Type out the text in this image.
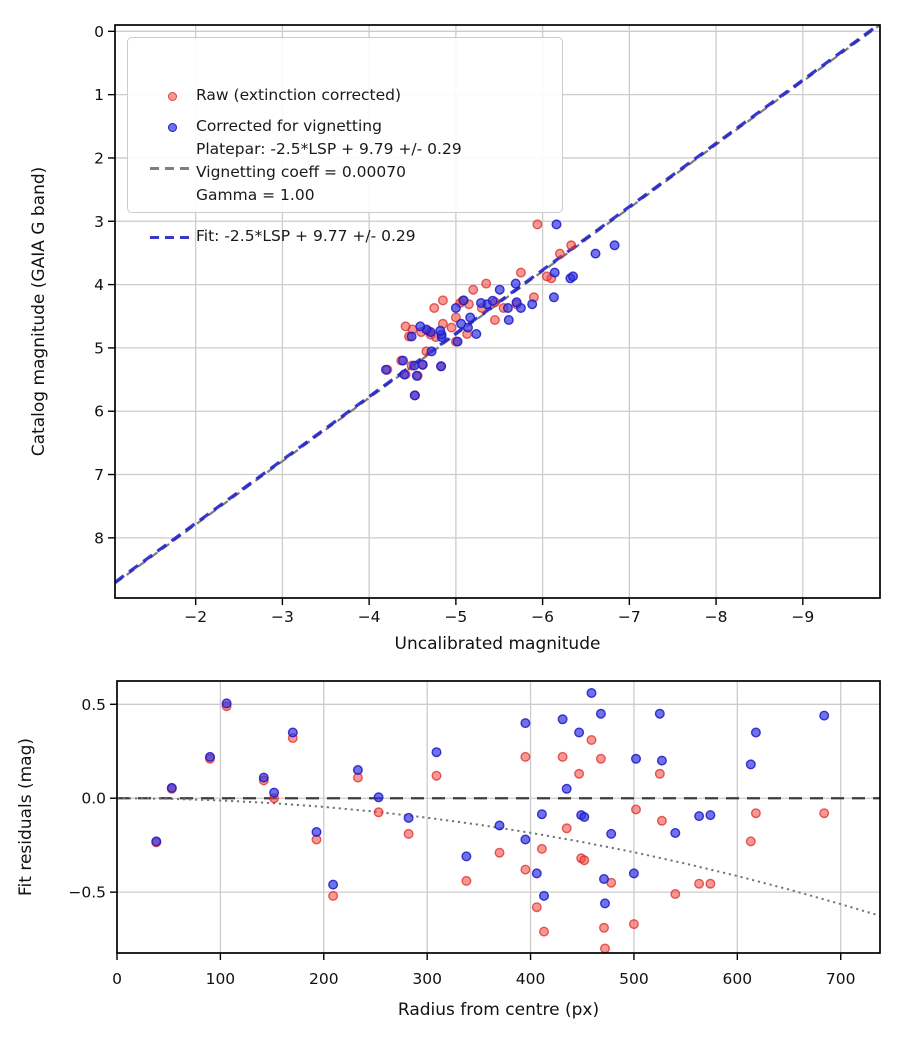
−2	−3	−4	−5	−6	−7	−8	−9
0
1
2
3
4
5
6
7
8
Uncalibrated magnitude
Catalog magnitude (GAIA G band)
0	100	200	300	400	500	600	700
0.5
0.0
−0.5
Radius from centre (px)
Fit residuals (mag)
Raw (extinction corrected)
Corrected for vignetting
Platepar: -2.5*LSP + 9.79 +/- 0.29
Vignetting coeff = 0.00070
Gamma = 1.00
Fit: -2.5*LSP + 9.77 +/- 0.29
